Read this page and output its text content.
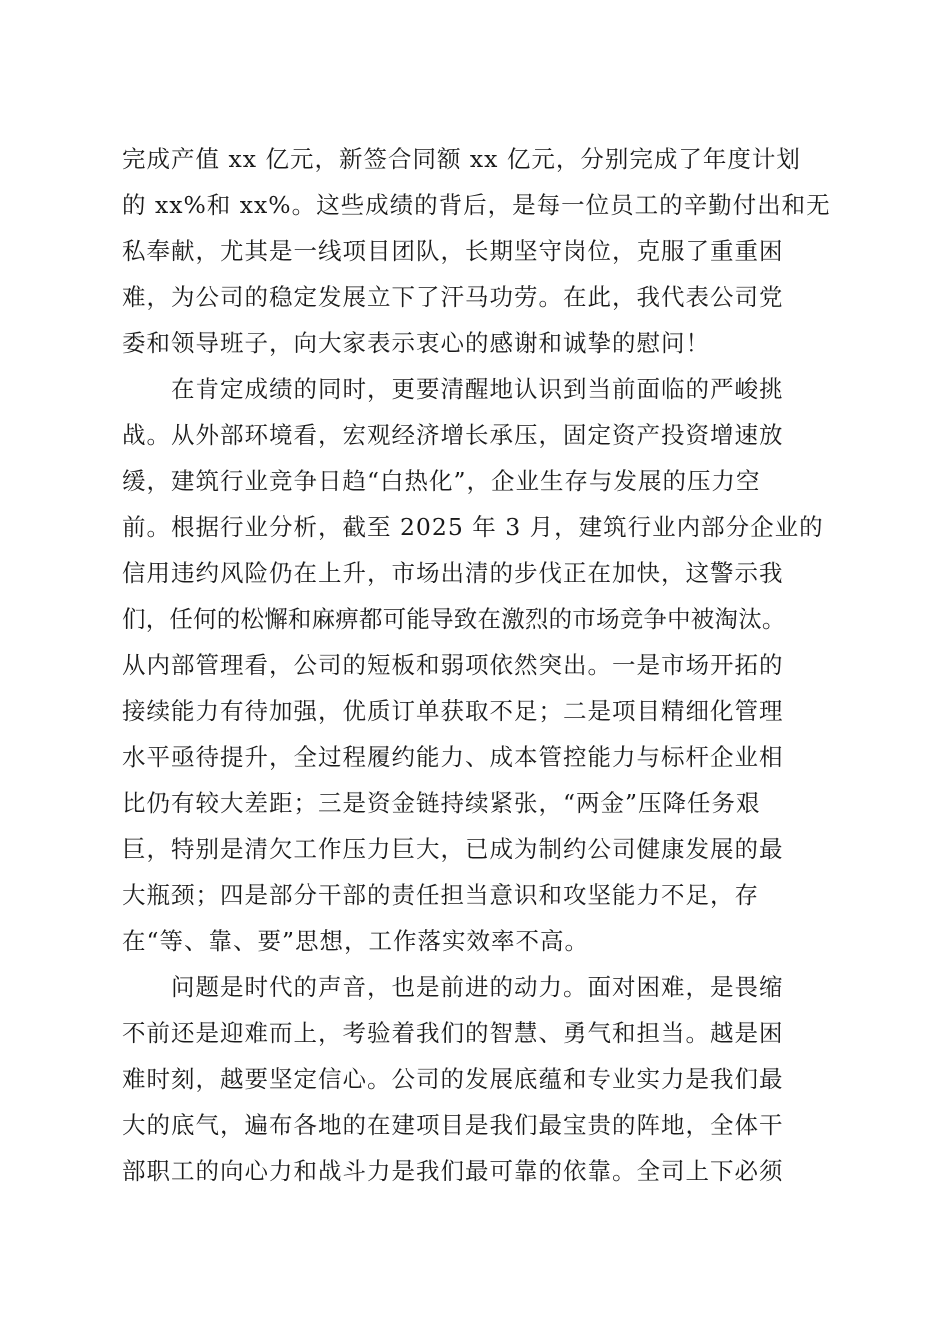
完成产值 xx 亿元，新签合同额 xx 亿元，分别完成了年度计划
的 xx%和 xx%。这些成绩的背后，是每一位员工的辛勤付出和无
私奉献，尤其是一线项目团队，长期坚守岗位，克服了重重困
难，为公司的稳定发展立下了汗马功劳。在此，我代表公司党
委和领导班子，向大家表示衷心的感谢和诚挚的慰问！
　　在肯定成绩的同时，更要清醒地认识到当前面临的严峻挑
战。从外部环境看，宏观经济增长承压，固定资产投资增速放
缓，建筑行业竞争日趋“白热化”，企业生存与发展的压力空
前。根据行业分析，截至 2025 年 3 月，建筑行业内部分企业的
信用违约风险仍在上升，市场出清的步伐正在加快，这警示我
们，任何的松懈和麻痹都可能导致在激烈的市场竞争中被淘汰。
从内部管理看，公司的短板和弱项依然突出。一是市场开拓的
接续能力有待加强，优质订单获取不足；二是项目精细化管理
水平亟待提升，全过程履约能力、成本管控能力与标杆企业相
比仍有较大差距；三是资金链持续紧张，“两金”压降任务艰
巨，特别是清欠工作压力巨大，已成为制约公司健康发展的最
大瓶颈；四是部分干部的责任担当意识和攻坚能力不足，存
在“等、靠、要”思想，工作落实效率不高。
　　问题是时代的声音，也是前进的动力。面对困难，是畏缩
不前还是迎难而上，考验着我们的智慧、勇气和担当。越是困
难时刻，越要坚定信心。公司的发展底蕴和专业实力是我们最
大的底气，遍布各地的在建项目是我们最宝贵的阵地，全体干
部职工的向心力和战斗力是我们最可靠的依靠。全司上下必须
